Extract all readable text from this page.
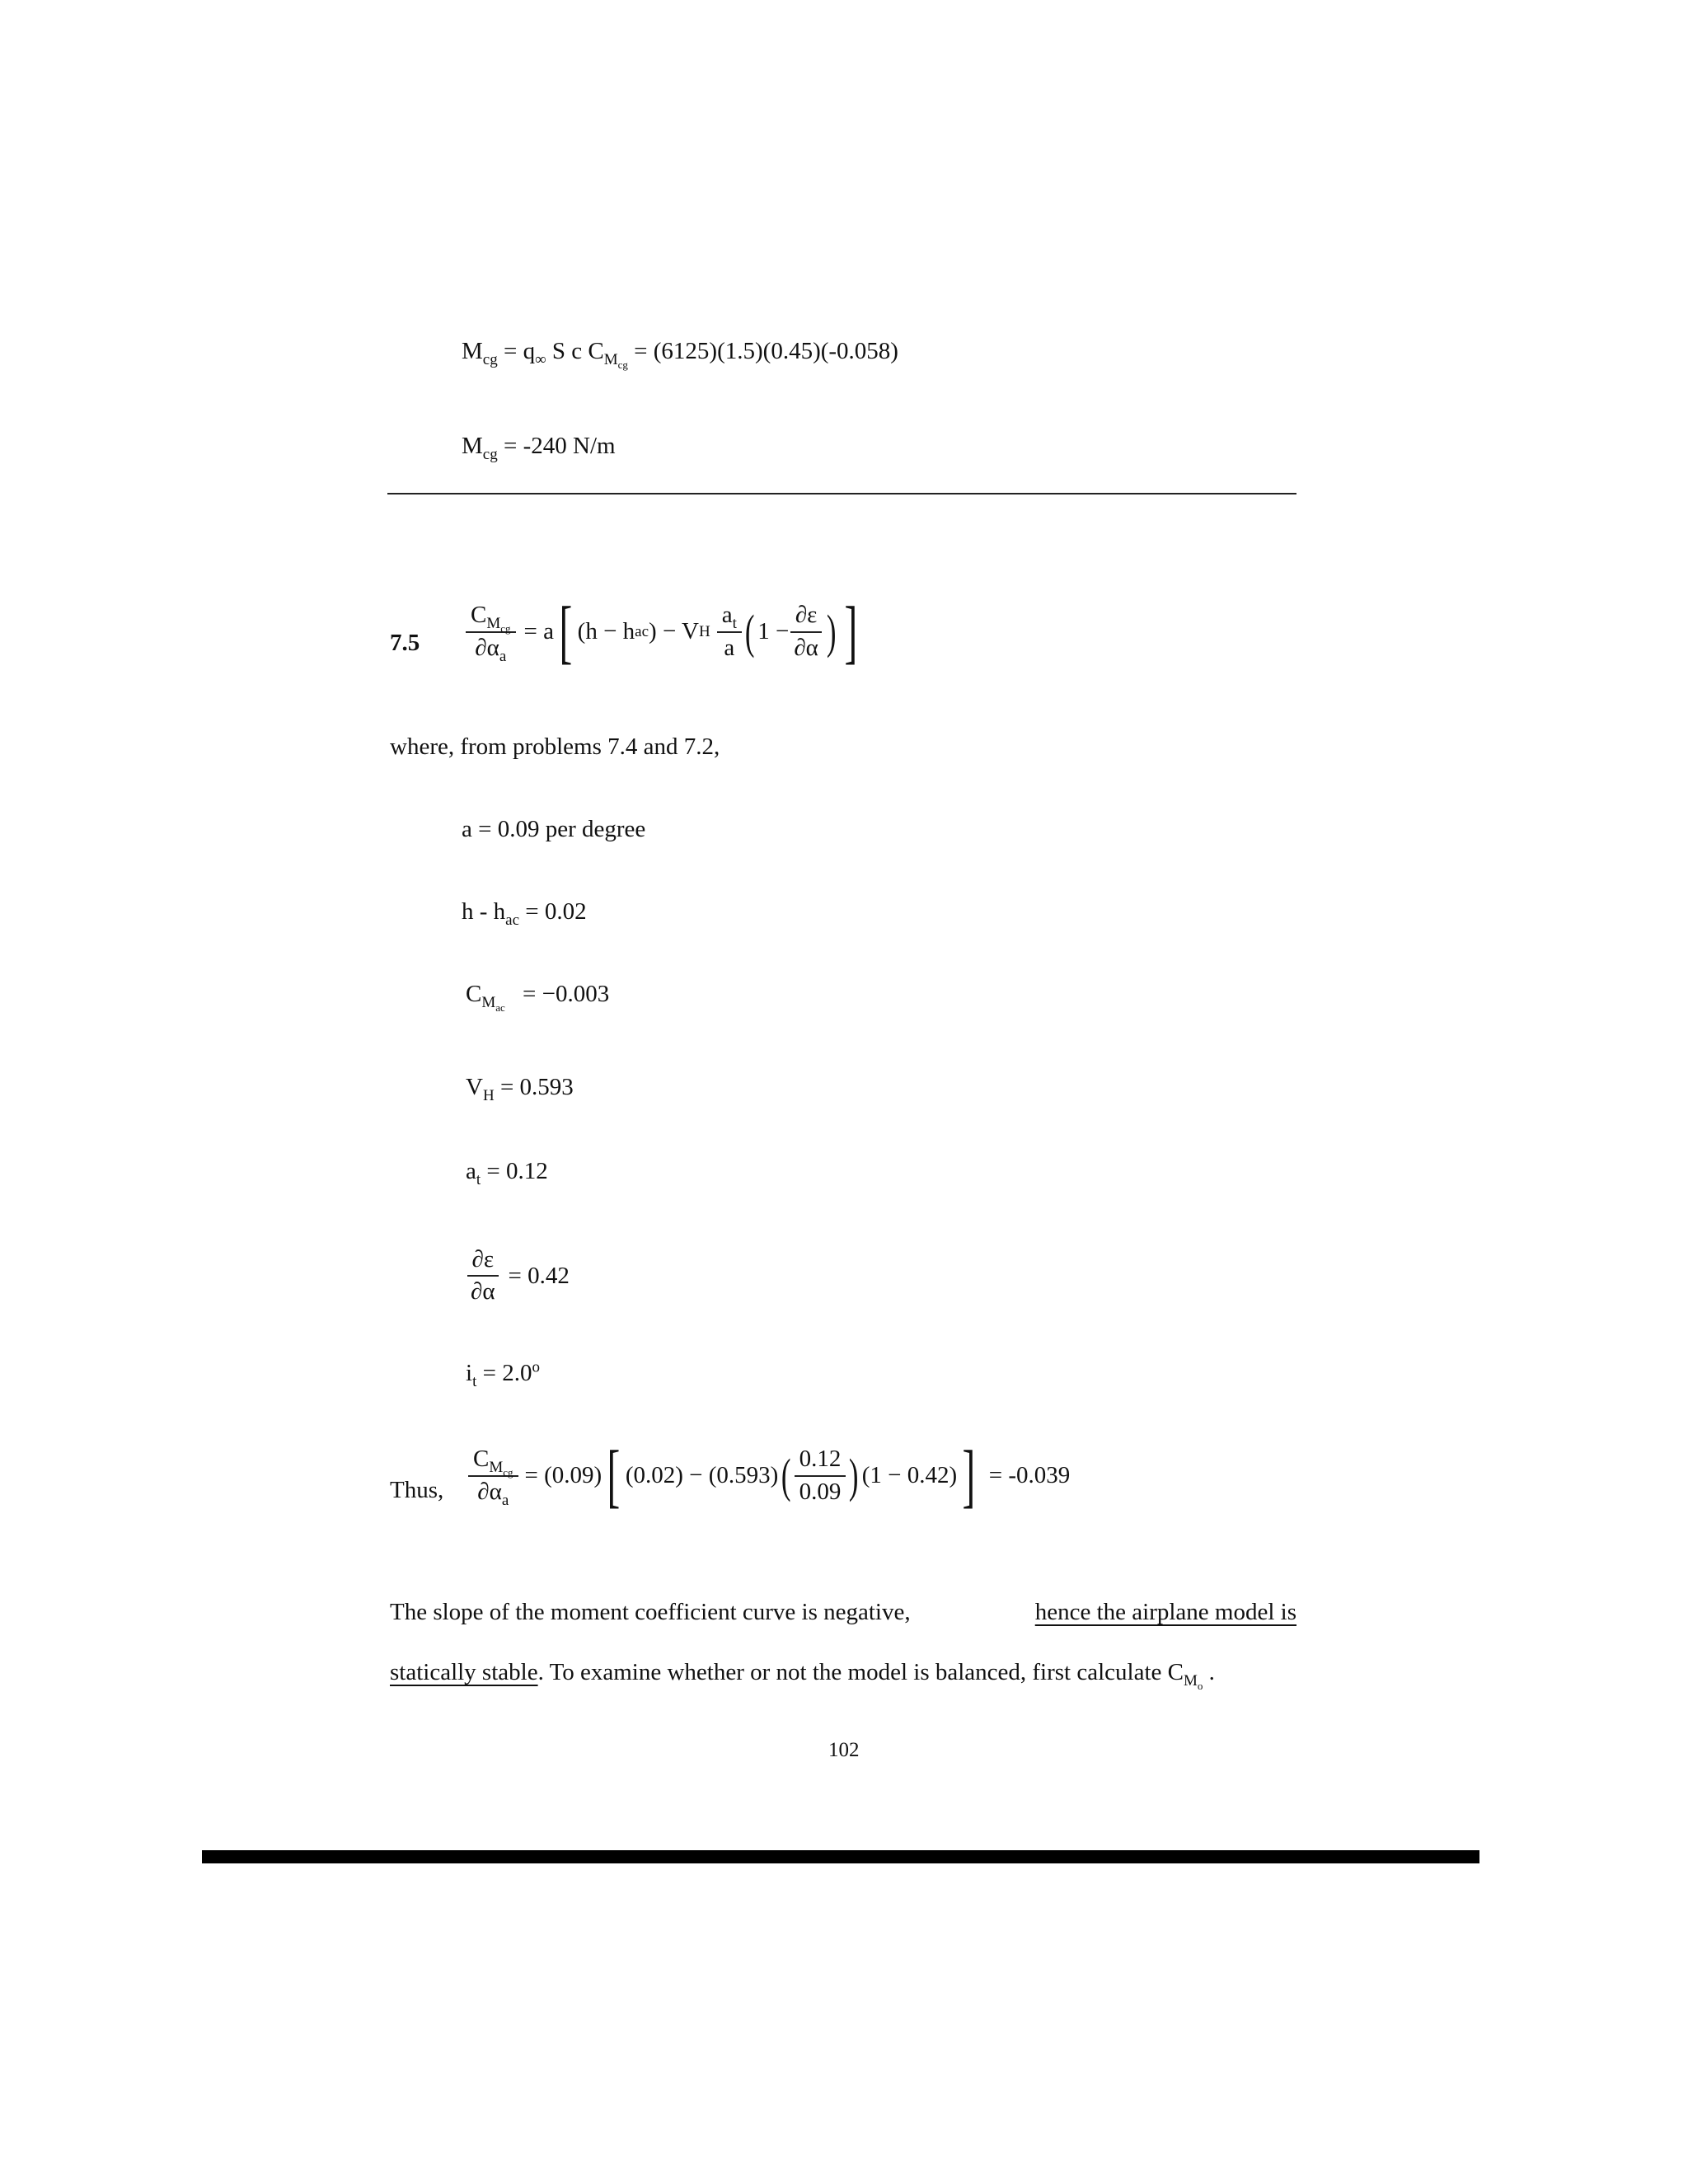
$M_{cg} = q_\infty$ S c $C_{M_{cg}} = (6125)(1.5)(0.45)(-0.058)$
$M_{cg} = -240$ N/m
$7.5 \frac{C_{M_{cg}}}{\partial\alpha_a} = a$ [ (h − h ac ) − V H $\frac{a_t}{a}$ ( $1 - \frac{\partial\varepsilon}{\partial\alpha}$ ) ]
where, from problems 7.4 and 7.2,
a = 0.09 per degree
$h - h_{ac} = 0.02$
$C_{M_{ac}} = -0.003$
$V_H = 0.593$
$a_t = 0.12$
$\frac{\partial\varepsilon}{\partial\alpha} = 0.42$
$i_t = 2.0^o$
Thus, $\frac{C_{M_{cg}}}{\partial\alpha_a} = (0.09)$ [ (0.02) − (0.593) ( $\frac{0.12}{0.09}$ ) (1 − 0.42) ] = -0.039
The slope of the moment coefficient curve is negative,	hence the airplane model is
statically stable. To examine whether or not the model is balanced, first calculate $C_{M_o}$ .
102
